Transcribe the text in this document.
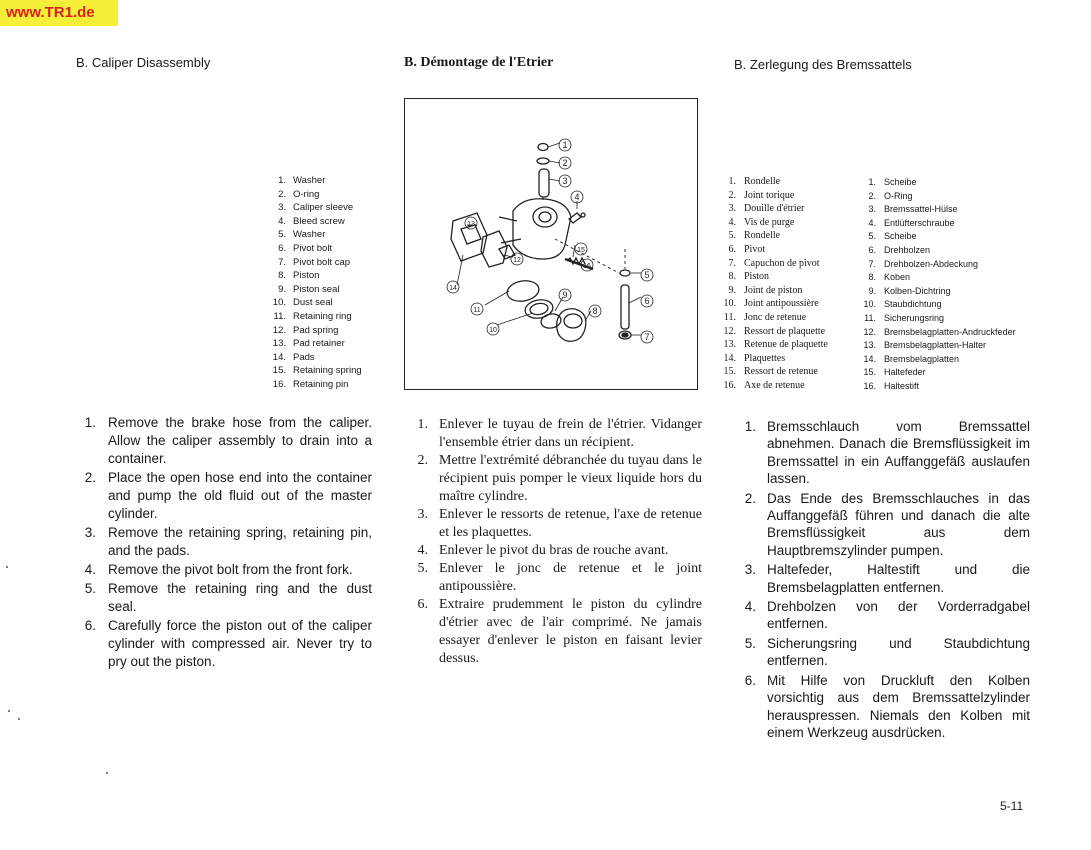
www.TR1.de
B. Caliper Disassembly	B. Démontage de l'Etrier	B. Zerlegung des Bremssattels
1. Washer
2. O-ring
3. Caliper sleeve
4. Bleed screw
5. Washer
6. Pivot bolt
7. Pivot bolt cap
8. Piston
9. Piston seal
10. Dust seal
11. Retaining ring
12. Pad spring
13. Pad retainer
14. Pads
15. Retaining spring
16. Retaining pin
1. Rondelle
2. Joint torique
3. Douille d'étrier
4. Vis de purge
5. Rondelle
6. Pivot
7. Capuchon de pivot
8. Piston
9. Joint de piston
10. Joint antipoussière
11. Jonc de retenue
12. Ressort de plaquette
13. Retenue de plaquette
14. Plaquettes
15. Ressort de retenue
16. Axe de retenue
1. Scheibe
2. O-Ring
3. Bremssattel-Hülse
4. Entlüfterschraube
5. Scheibe
6. Drehbolzen
7. Drehbolzen-Abdeckung
8. Koben
9. Kolben-Dichtring
10. Staubdichtung
11. Sicherungsring
12. Bremsbelagplatten-Andruckfeder
13. Bremsbelagplatten-Halter
14. Bremsbelagplatten
15. Haltefeder
16. Haltestift
1
2
3
4
5
6
7
8
9
10
11
12
13
14
15
16
1. Remove the brake hose from the caliper. Allow the caliper assembly to drain into a container.
2. Place the open hose end into the container and pump the old fluid out of the master cylinder.
3. Remove the retaining spring, retaining pin, and the pads.
4. Remove the pivot bolt from the front fork.
5. Remove the retaining ring and the dust seal.
6. Carefully force the piston out of the caliper cylinder with compressed air. Never try to pry out the piston.
1. Enlever le tuyau de frein de l'étrier. Vidanger l'ensemble étrier dans un récipient.
2. Mettre l'extrémité débranchée du tuyau dans le récipient puis pomper le vieux liquide hors du maître cylindre.
3. Enlever le ressorts de retenue, l'axe de retenue et les plaquettes.
4. Enlever le pivot du bras de rouche avant.
5. Enlever le jonc de retenue et le joint antipoussière.
6. Extraire prudemment le piston du cylindre d'étrier avec de l'air comprimé. Ne jamais essayer d'enlever le piston en faisant levier dessus.
1. Bremsschlauch vom Bremssattel abnehmen. Danach die Bremsflüssigkeit im Bremssattel in ein Auffanggefäß auslaufen lassen.
2. Das Ende des Bremsschlauches in das Auffanggefäß führen und danach die alte Bremsflüssigkeit aus dem Hauptbremszylinder pumpen.
3. Haltefeder, Haltestift und die Bremsbelagplatten entfernen.
4. Drehbolzen von der Vorderradgabel entfernen.
5. Sicherungsring und Staubdichtung entfernen.
6. Mit Hilfe von Druckluft den Kolben vorsichtig aus dem Bremssattelzylinder herauspressen. Niemals den Kolben mit einem Werkzeug ausdrücken.
5-11
